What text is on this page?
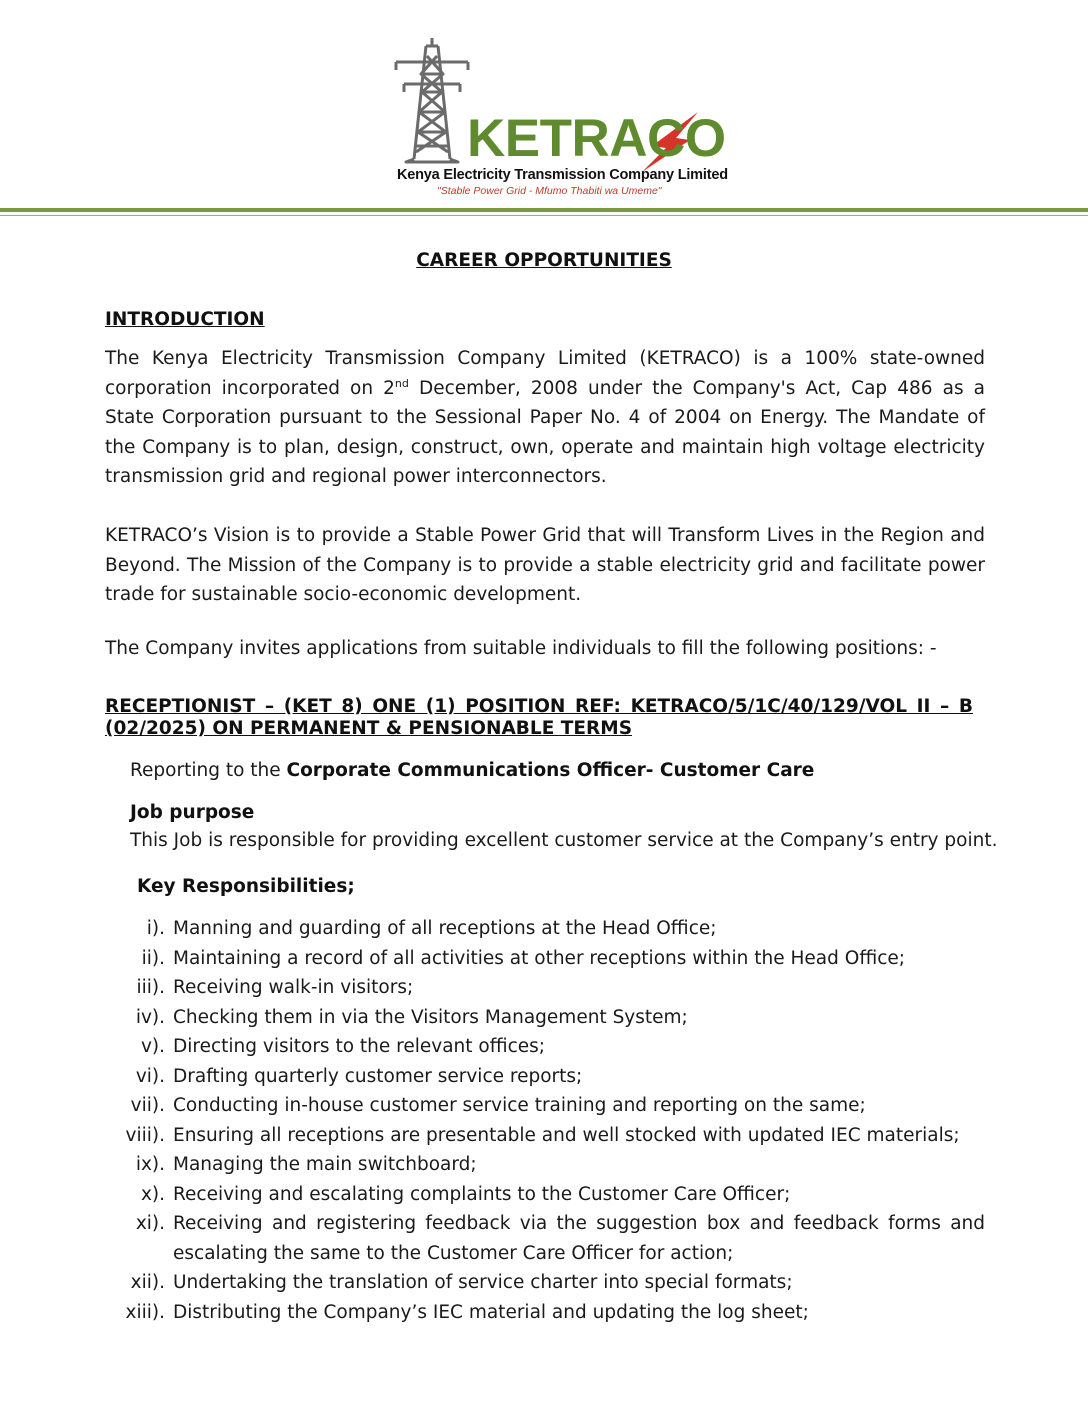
KETRACO
Kenya Electricity Transmission Company Limited
"Stable Power Grid - Mfumo Thabiti wa Umeme"
CAREER OPPORTUNITIES
INTRODUCTION

The Kenya Electricity Transmission Company Limited (KETRACO) is a 100% state-owned corporation incorporated on 2nd December, 2008 under the Company's Act, Cap 486 as a State Corporation pursuant to the Sessional Paper No. 4 of 2004 on Energy. The Mandate of the Company is to plan, design, construct, own, operate and maintain high voltage electricity transmission grid and regional power interconnectors.

KETRACO’s Vision is to provide a Stable Power Grid that will Transform Lives in the Region and Beyond. The Mission of the Company is to provide a stable electricity grid and facilitate power trade for sustainable socio-economic development.

The Company invites applications from suitable individuals to fill the following positions: -

RECEPTIONIST – (KET 8) ONE (1) POSITION REF: KETRACO/5/1C/40/129/VOL II – B (02/2025) ON PERMANENT & PENSIONABLE TERMS

Reporting to the Corporate Communications Officer- Customer Care
Job purpose
This Job is responsible for providing excellent customer service at the Company’s entry point.
Key Responsibilities;
i). Manning and guarding of all receptions at the Head Office;
ii). Maintaining a record of all activities at other receptions within the Head Office;
iii). Receiving walk-in visitors;
iv). Checking them in via the Visitors Management System;
v). Directing visitors to the relevant offices;
vi). Drafting quarterly customer service reports;
vii). Conducting in-house customer service training and reporting on the same;
viii). Ensuring all receptions are presentable and well stocked with updated IEC materials;
ix). Managing the main switchboard;
x). Receiving and escalating complaints to the Customer Care Officer;
xi). Receiving and registering feedback via the suggestion box and feedback forms and escalating the same to the Customer Care Officer for action;
xii). Undertaking the translation of service charter into special formats;
xiii). Distributing the Company’s IEC material and updating the log sheet;
